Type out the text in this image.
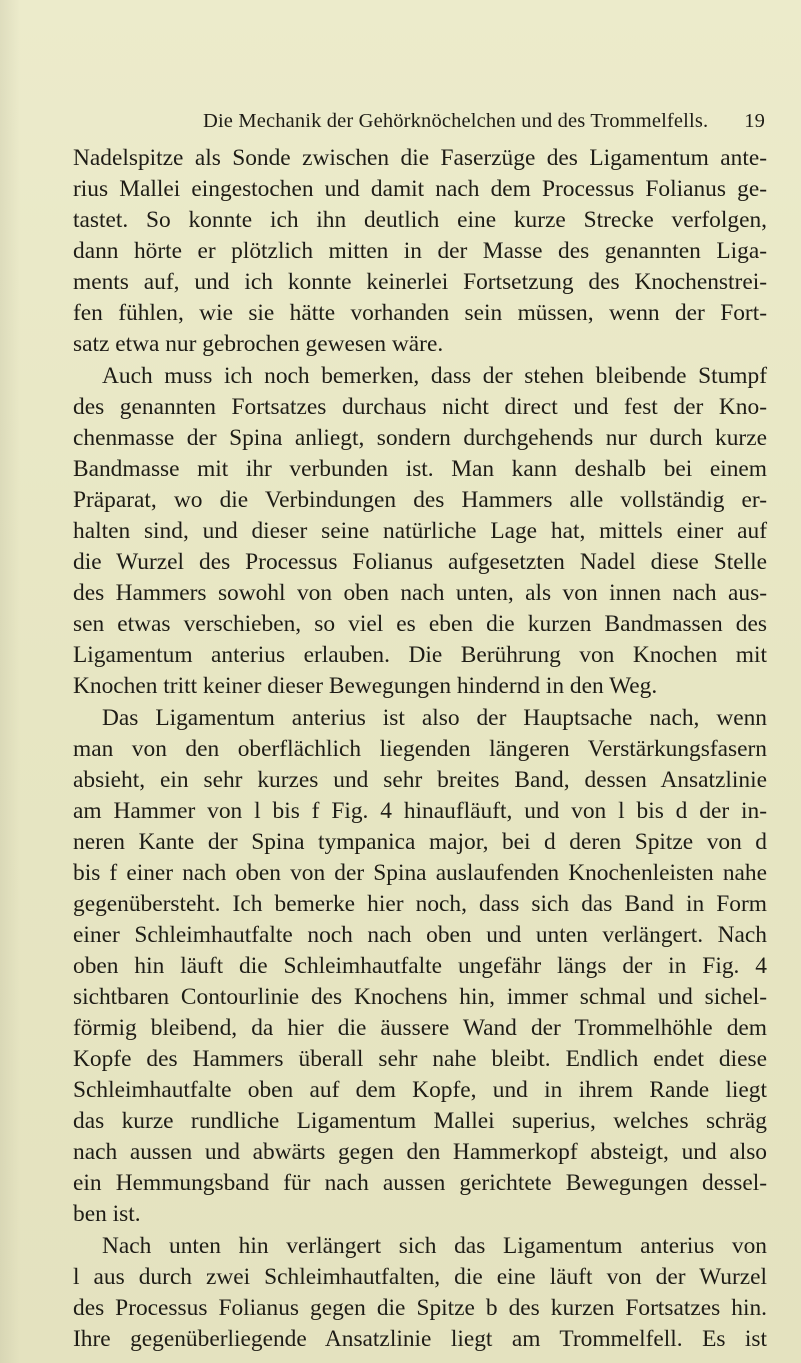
Die Mechanik der Gehörknöchelchen und des Trommelfells. 19
Nadelspitze als Sonde zwischen die Faserzüge des Ligamentum ante-
rius Mallei eingestochen und damit nach dem Processus Folianus ge-
tastet. So konnte ich ihn deutlich eine kurze Strecke verfolgen,
dann hörte er plötzlich mitten in der Masse des genannten Liga-
ments auf, und ich konnte keinerlei Fortsetzung des Knochenstrei-
fen fühlen, wie sie hätte vorhanden sein müssen, wenn der Fort-
satz etwa nur gebrochen gewesen wäre.
Auch muss ich noch bemerken, dass der stehen bleibende Stumpf
des genannten Fortsatzes durchaus nicht direct und fest der Kno-
chenmasse der Spina anliegt, sondern durchgehends nur durch kurze
Bandmasse mit ihr verbunden ist. Man kann deshalb bei einem
Präparat, wo die Verbindungen des Hammers alle vollständig er-
halten sind, und dieser seine natürliche Lage hat, mittels einer auf
die Wurzel des Processus Folianus aufgesetzten Nadel diese Stelle
des Hammers sowohl von oben nach unten, als von innen nach aus-
sen etwas verschieben, so viel es eben die kurzen Bandmassen des
Ligamentum anterius erlauben. Die Berührung von Knochen mit
Knochen tritt keiner dieser Bewegungen hindernd in den Weg.
Das Ligamentum anterius ist also der Hauptsache nach, wenn
man von den oberflächlich liegenden längeren Verstärkungsfasern
absieht, ein sehr kurzes und sehr breites Band, dessen Ansatzlinie
am Hammer von l bis f Fig. 4 hinaufläuft, und von l bis d der in-
neren Kante der Spina tympanica major, bei d deren Spitze von d
bis f einer nach oben von der Spina auslaufenden Knochenleisten nahe
gegenübersteht. Ich bemerke hier noch, dass sich das Band in Form
einer Schleimhautfalte noch nach oben und unten verlängert. Nach
oben hin läuft die Schleimhautfalte ungefähr längs der in Fig. 4
sichtbaren Contourlinie des Knochens hin, immer schmal und sichel-
förmig bleibend, da hier die äussere Wand der Trommelhöhle dem
Kopfe des Hammers überall sehr nahe bleibt. Endlich endet diese
Schleimhautfalte oben auf dem Kopfe, und in ihrem Rande liegt
das kurze rundliche Ligamentum Mallei superius, welches schräg
nach aussen und abwärts gegen den Hammerkopf absteigt, und also
ein Hemmungsband für nach aussen gerichtete Bewegungen dessel-
ben ist.
Nach unten hin verlängert sich das Ligamentum anterius von
l aus durch zwei Schleimhautfalten, die eine läuft von der Wurzel
des Processus Folianus gegen die Spitze b des kurzen Fortsatzes hin.
Ihre gegenüberliegende Ansatzlinie liegt am Trommelfell. Es ist
